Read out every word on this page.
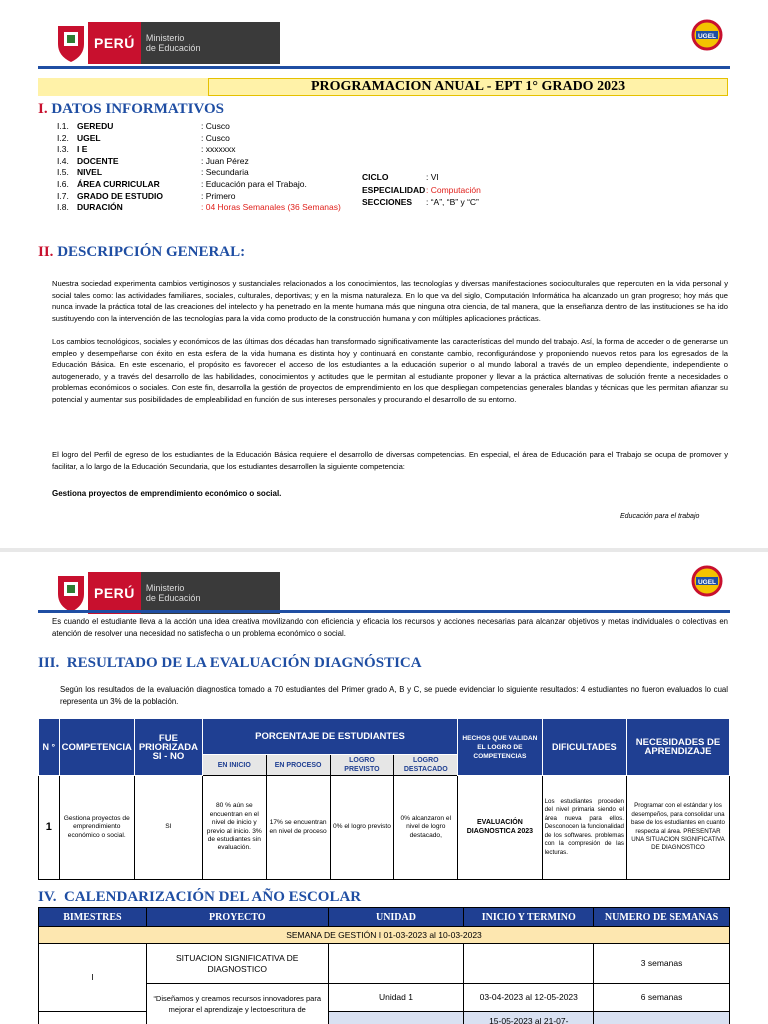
PERÚ	Ministerio
de Educación
UGEL
PROGRAMACION ANUAL - EPT 1° GRADO 2023
I. DATOS INFORMATIVOS
I.1. GEREDU	: Cusco
I.2. UGEL	: Cusco
I.3. I E	: xxxxxxx
I.4. DOCENTE	: Juan Pérez
I.5. NIVEL	: Secundaria
I.6. ÁREA CURRICULAR	: Educación para el Trabajo.
I.7. GRADO DE ESTUDIO	: Primero
I.8. DURACIÓN	: 04 Horas Semanales (36 Semanas)
CICLO	: VI
ESPECIALIDAD : Computación
SECCIONES	: “A”, “B” y “C”
II. DESCRIPCIÓN GENERAL:

Nuestra sociedad experimenta cambios vertiginosos y sustanciales relacionados a los conocimientos, las tecnologías y diversas manifestaciones socioculturales que repercuten en la vida personal y social tales como: las actividades familiares, sociales, culturales, deportivas; y en la misma naturaleza. En lo que va del siglo, Computación Informática ha alcanzado un gran progreso; hoy más que nunca invade la práctica total de las creaciones del intelecto y ha penetrado en la mente humana más que ninguna otra ciencia, de tal manera, que la enseñanza dentro de las instituciones se ha ido sustituyendo con la intervención de las tecnologías para la vida como producto de la construcción humana y con múltiples aplicaciones prácticas.

Los cambios tecnológicos, sociales y económicos de las últimas dos décadas han transformado significativamente las características del mundo del trabajo. Así, la forma de acceder o de generarse un empleo y desempeñarse con éxito en esta esfera de la vida humana es distinta hoy y continuará en constante cambio, reconfigurándose y proponiendo nuevos retos para los egresados de la Educación Básica. En este escenario, el propósito es favorecer el acceso de los estudiantes a la educación superior o al mundo laboral a través de un empleo dependiente, independiente o autogenerado, y a través del desarrollo de las habilidades, conocimientos y actitudes que le permitan al estudiante proponer y llevar a la práctica alternativas de solución frente a necesidades o problemas económicos o sociales. Con este fin, desarrolla la gestión de proyectos de emprendimiento en los que despliegan competencias generales blandas y técnicas que les permitan afianzar su potencial y aumentar sus posibilidades de empleabilidad en función de sus intereses personales y procurando el desarrollo de su entorno.

El logro del Perfil de egreso de los estudiantes de la Educación Básica requiere el desarrollo de diversas competencias. En especial, el área de Educación para el Trabajo se ocupa de promover y facilitar, a lo largo de la Educación Secundaria, que los estudiantes desarrollen la siguiente competencia:

Gestiona proyectos de emprendimiento económico o social.

Educación para el trabajo
PERÚ	Ministerio
de Educación
UGEL

Es cuando el estudiante lleva a la acción una idea creativa movilizando con eficiencia y eficacia los recursos y acciones necesarias para alcanzar objetivos y metas individuales o colectivas en atención de resolver una necesidad no satisfecha o un problema económico o social.

III. RESULTADO DE LA EVALUACIÓN DIAGNÓSTICA

Según los resultados de la evaluación diagnostica tomado a 70 estudiantes del Primer grado A, B y C, se puede evidenciar lo siguiente resultados: 4 estudiantes no fueron evaluados lo cual representa un 3% de la población.

N °	COMPETENCIA	FUE PRIORIZADA SI - NO	PORCENTAJE DE ESTUDIANTES				HECHOS QUE VALIDAN EL LOGRO DE COMPETENCIAS	DIFICULTADES	NECESIDADES DE APRENDIZAJE
			EN INICIO	EN PROCESO	LOGRO PREVISTO	LOGRO DESTACADO			
1	Gestiona proyectos de emprendimiento económico o social.	SI	80 % aún se encuentran en el nivel de inicio y previo al inicio. 3% de estudiantes sin evaluación.	17% se encuentran en nivel de proceso	0% el logro previsto	0% alcanzaron el nivel de logro destacado,	EVALUACIÓN DIAGNOSTICA 2023	Los estudiantes proceden del nivel primaria siendo el área nueva para ellos. Desconocen la funcionalidad de los softwares. problemas con la compresión de las lecturas.	Programar con el estándar y los desempeños, para consolidar una base de los estudiantes en cuanto respecta al área. PRESENTAR UNA SITUACION SIGNIFICATIVA DE DIAGNOSTICO
IV. CALENDARIZACIÓN DEL AÑO ESCOLAR
BIMESTRES	PROYECTO	UNIDAD	INICIO Y TERMINO	NUMERO DE SEMANAS
SEMANA DE GESTIÓN I 01-03-2023 al 10-03-2023				
I	SITUACION SIGNIFICATIVA DE DIAGNOSTICO			3 semanas
	“Diseñamos y creamos recursos innovadores para mejorar el aprendizaje y lectoescritura de	Unidad 1	03-04-2023 al 12-05-2023	6 semanas
			15-05-2023 al 21-07-	
